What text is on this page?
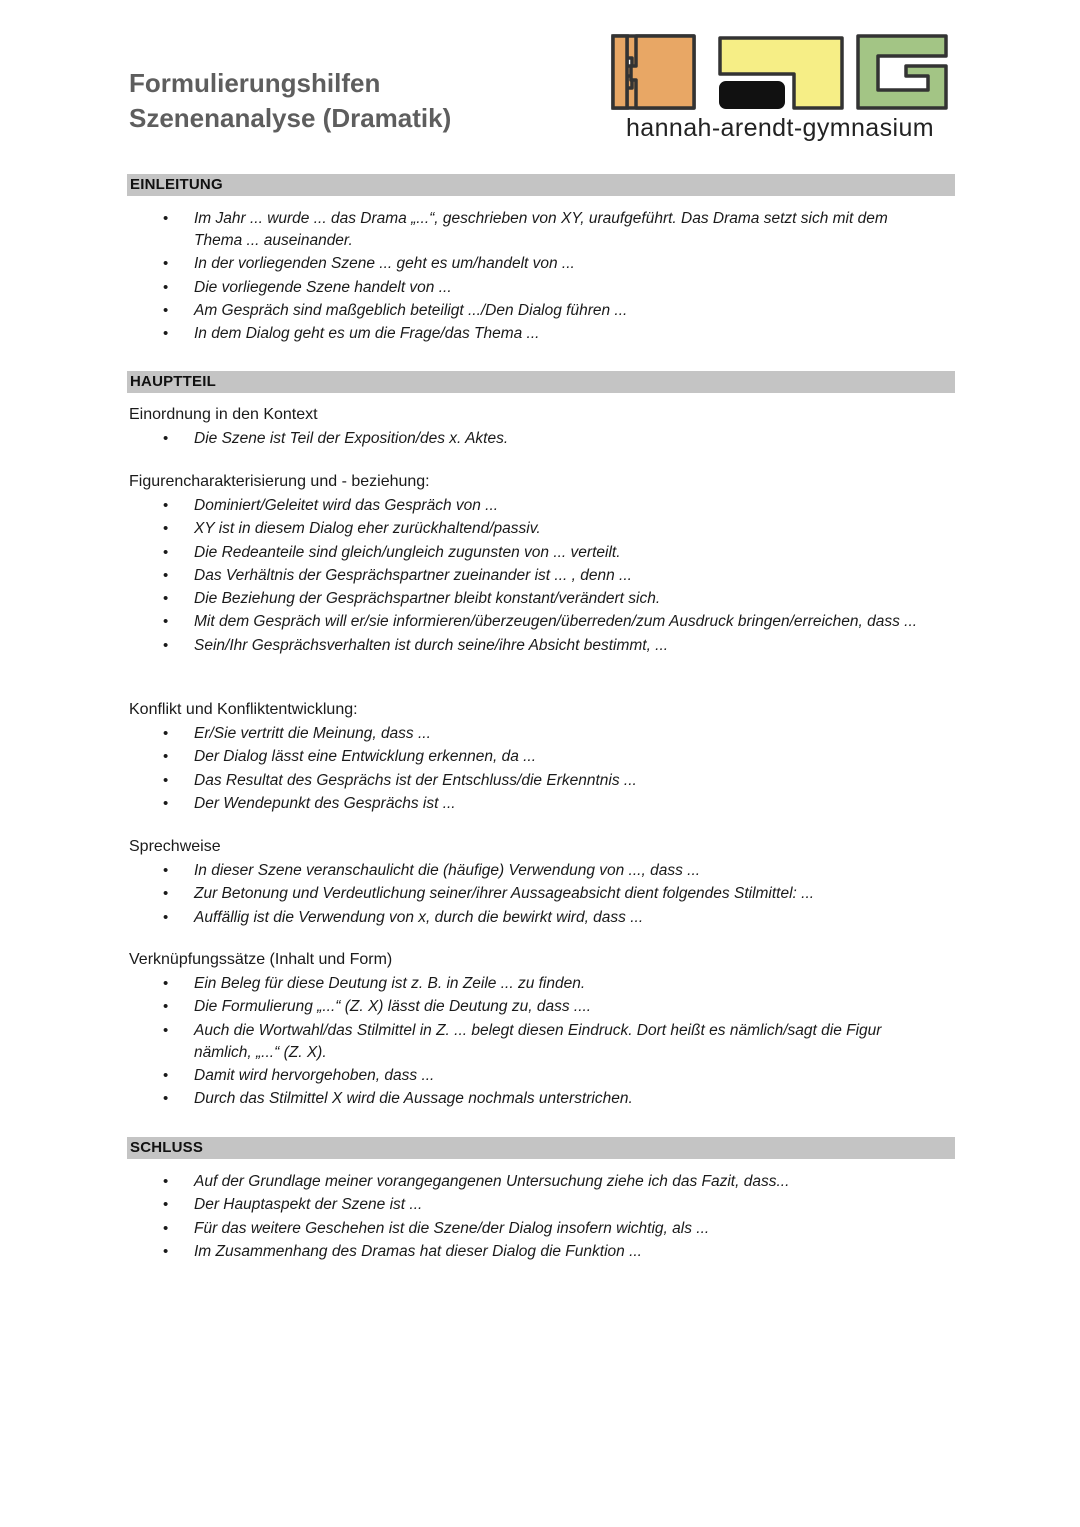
Formulierungshilfen
Szenenanalyse (Dramatik)	hannah-arendt-gymnasium
EINLEITUNG
• Im Jahr ... wurde ... das Drama „...“, geschrieben von XY, uraufgeführt. Das Drama setzt sich mit dem Thema ... auseinander.
• In der vorliegenden Szene ... geht es um/handelt von ...
• Die vorliegende Szene handelt von ...
• Am Gespräch sind maßgeblich beteiligt .../Den Dialog führen ...
• In dem Dialog geht es um die Frage/das Thema ...
HAUPTTEIL
Einordnung in den Kontext
• Die Szene ist Teil der Exposition/des x. Aktes.
Figurencharakterisierung und - beziehung:
• Dominiert/Geleitet wird das Gespräch von ...
• XY ist in diesem Dialog eher zurückhaltend/passiv.
• Die Redeanteile sind gleich/ungleich zugunsten von ... verteilt.
• Das Verhältnis der Gesprächspartner zueinander ist ... , denn ...
• Die Beziehung der Gesprächspartner bleibt konstant/verändert sich.
• Mit dem Gespräch will er/sie informieren/überzeugen/überreden/zum Ausdruck bringen/erreichen, dass ...
• Sein/Ihr Gesprächsverhalten ist durch seine/ihre Absicht bestimmt, ...
Konflikt und Konfliktentwicklung:
• Er/Sie vertritt die Meinung, dass ...
• Der Dialog lässt eine Entwicklung erkennen, da ...
• Das Resultat des Gesprächs ist der Entschluss/die Erkenntnis ...
• Der Wendepunkt des Gesprächs ist ...
Sprechweise
• In dieser Szene veranschaulicht die (häufige) Verwendung von ..., dass ...
• Zur Betonung und Verdeutlichung seiner/ihrer Aussageabsicht dient folgendes Stilmittel: ...
• Auffällig ist die Verwendung von x, durch die bewirkt wird, dass ...
Verknüpfungssätze (Inhalt und Form)
• Ein Beleg für diese Deutung ist z. B. in Zeile ... zu finden.
• Die Formulierung „...“ (Z. X) lässt die Deutung zu, dass ....
• Auch die Wortwahl/das Stilmittel in Z. ... belegt diesen Eindruck. Dort heißt es nämlich/sagt die Figur nämlich, „...“ (Z. X).
• Damit wird hervorgehoben, dass ...
• Durch das Stilmittel X wird die Aussage nochmals unterstrichen.
SCHLUSS
• Auf der Grundlage meiner vorangegangenen Untersuchung ziehe ich das Fazit, dass...
• Der Hauptaspekt der Szene ist ...
• Für das weitere Geschehen ist die Szene/der Dialog insofern wichtig, als ...
• Im Zusammenhang des Dramas hat dieser Dialog die Funktion ...
